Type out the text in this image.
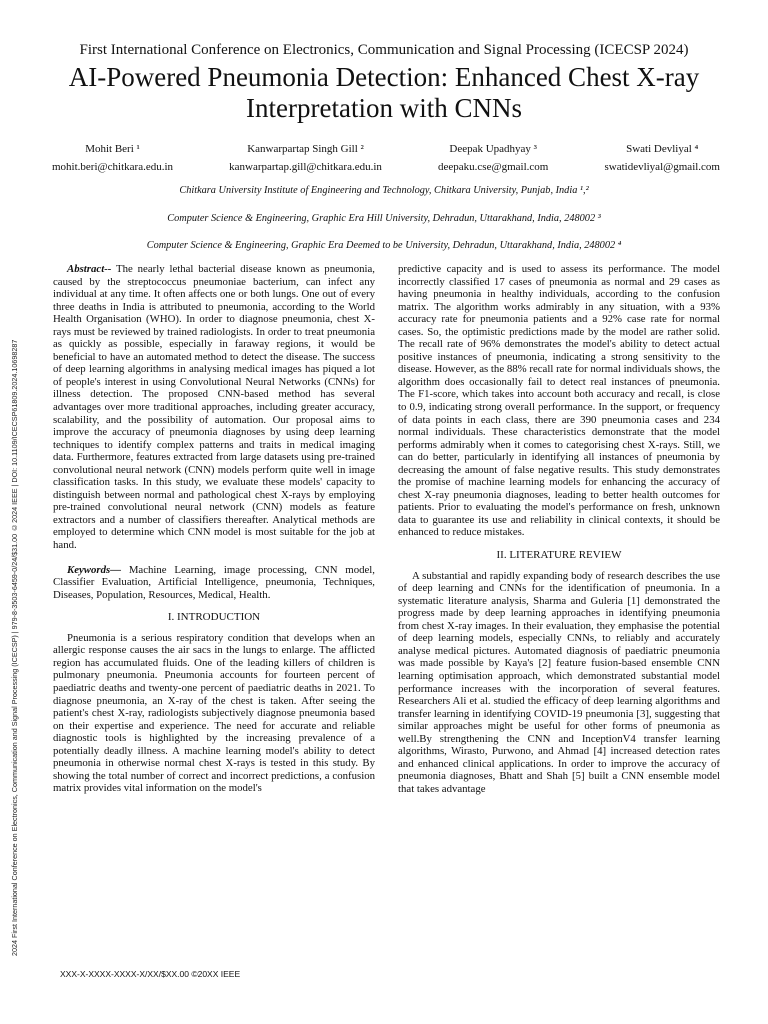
2024 First International Conference on Electronics, Communication and Signal Processing (ICECSP) | 979-8-3503-6459-0/24/$31.00 ©2024 IEEE | DOI: 10.1109/ICECSP61809.2024.10698287
First International Conference on Electronics, Communication and Signal Processing (ICECSP 2024)
AI-Powered Pneumonia Detection: Enhanced Chest X-ray
Interpretation with CNNs
Mohit Beri ¹
mohit.beri@chitkara.edu.in
Kanwarpartap Singh Gill ²
kanwarpartap.gill@chitkara.edu.in
Deepak Upadhyay ³
deepaku.cse@gmail.com
Swati Devliyal ⁴
swatidevliyal@gmail.com
Chitkara University Institute of Engineering and Technology, Chitkara University, Punjab, India ¹,²
Computer Science & Engineering, Graphic Era Hill University, Dehradun, Uttarakhand, India, 248002 ³
Computer Science & Engineering, Graphic Era Deemed to be University, Dehradun, Uttarakhand, India, 248002 ⁴

Abstract-- The nearly lethal bacterial disease known as pneumonia, caused by the streptococcus pneumoniae bacterium, can infect any individual at any time. It often affects one or both lungs. One out of every three deaths in India is attributed to pneumonia, according to the World Health Organisation (WHO). In order to diagnose pneumonia, chest X-rays must be reviewed by trained radiologists. In order to treat pneumonia as quickly as possible, especially in faraway regions, it would be beneficial to have an automated method to detect the disease. The success of deep learning algorithms in analysing medical images has piqued a lot of people's interest in using Convolutional Neural Networks (CNNs) for illness detection. The proposed CNN-based method has several advantages over more traditional approaches, including greater accuracy, scalability, and the possibility of automation. Our proposal aims to improve the accuracy of pneumonia diagnoses by using deep learning techniques to identify complex patterns and traits in medical imaging data. Furthermore, features extracted from large datasets using pre-trained convolutional neural network (CNN) models perform quite well in image classification tasks. In this study, we evaluate these models' capacity to distinguish between normal and pathological chest X-rays by employing pre-trained convolutional neural network (CNN) models as feature extractors and a number of classifiers thereafter. Analytical methods are employed to determine which CNN model is most suitable for the job at hand.

Keywords— Machine Learning, image processing, CNN model, Classifier Evaluation, Artificial Intelligence, pneumonia, Techniques, Diseases, Population, Resources, Medical, Health.

I. INTRODUCTION

Pneumonia is a serious respiratory condition that develops when an allergic response causes the air sacs in the lungs to enlarge. The afflicted region has accumulated fluids. One of the leading killers of children is pulmonary pneumonia. Pneumonia accounts for fourteen percent of paediatric deaths and twenty-one percent of paediatric deaths in 2021. To diagnose pneumonia, an X-ray of the chest is taken. After seeing the patient's chest X-ray, radiologists subjectively diagnose pneumonia based on their expertise and experience. The need for accurate and reliable diagnostic tools is highlighted by the increasing prevalence of a potentially deadly illness. A machine learning model's ability to detect pneumonia in otherwise normal chest X-rays is tested in this study. By showing the total number of correct and incorrect predictions, a confusion matrix provides vital information on the model's

predictive capacity and is used to assess its performance. The model incorrectly classified 17 cases of pneumonia as normal and 29 cases as having pneumonia in healthy individuals, according to the confusion matrix. The algorithm works admirably in any situation, with a 93% accuracy rate for pneumonia patients and a 92% case rate for normal cases. So, the optimistic predictions made by the model are rather solid. The recall rate of 96% demonstrates the model's ability to detect actual positive instances of pneumonia, indicating a strong sensitivity to the disease. However, as the 88% recall rate for normal individuals shows, the algorithm does occasionally fail to detect real instances of pneumonia. The F1-score, which takes into account both accuracy and recall, is close to 0.9, indicating strong overall performance. In the support, or frequency of data points in each class, there are 390 pneumonia cases and 234 normal individuals. These characteristics demonstrate that the model performs admirably when it comes to categorising chest X-rays. Still, we can do better, particularly in identifying all instances of pneumonia by decreasing the amount of false negative results. This study demonstrates the promise of machine learning models for enhancing the accuracy of chest X-ray pneumonia diagnoses, leading to better health outcomes for patients. Prior to evaluating the model's performance on fresh, unknown data to guarantee its use and reliability in clinical contexts, it should be enhanced to reduce mistakes.

II. LITERATURE REVIEW

A substantial and rapidly expanding body of research describes the use of deep learning and CNNs for the identification of pneumonia. In a systematic literature analysis, Sharma and Guleria [1] demonstrated the progress made by deep learning approaches in identifying pneumonia from chest X-ray images. In their evaluation, they emphasise the potential of deep learning models, especially CNNs, to reliably and accurately analyse medical pictures. Automated diagnosis of paediatric pneumonia was made possible by Kaya's [2] feature fusion-based ensemble CNN learning optimisation approach, which demonstrated substantial model performance increases with the incorporation of several features. Researchers Ali et al. studied the efficacy of deep learning algorithms and transfer learning in identifying COVID-19 pneumonia [3], suggesting that similar approaches might be useful for other forms of pneumonia as well.By strengthening the CNN and InceptionV4 transfer learning algorithms, Wirasto, Purwono, and Ahmad [4] increased detection rates and enhanced clinical applications. In order to improve the accuracy of pneumonia diagnoses, Bhatt and Shah [5] built a CNN ensemble model that takes advantage

XXX-X-XXXX-XXXX-X/XX/$XX.00 ©20XX IEEE
